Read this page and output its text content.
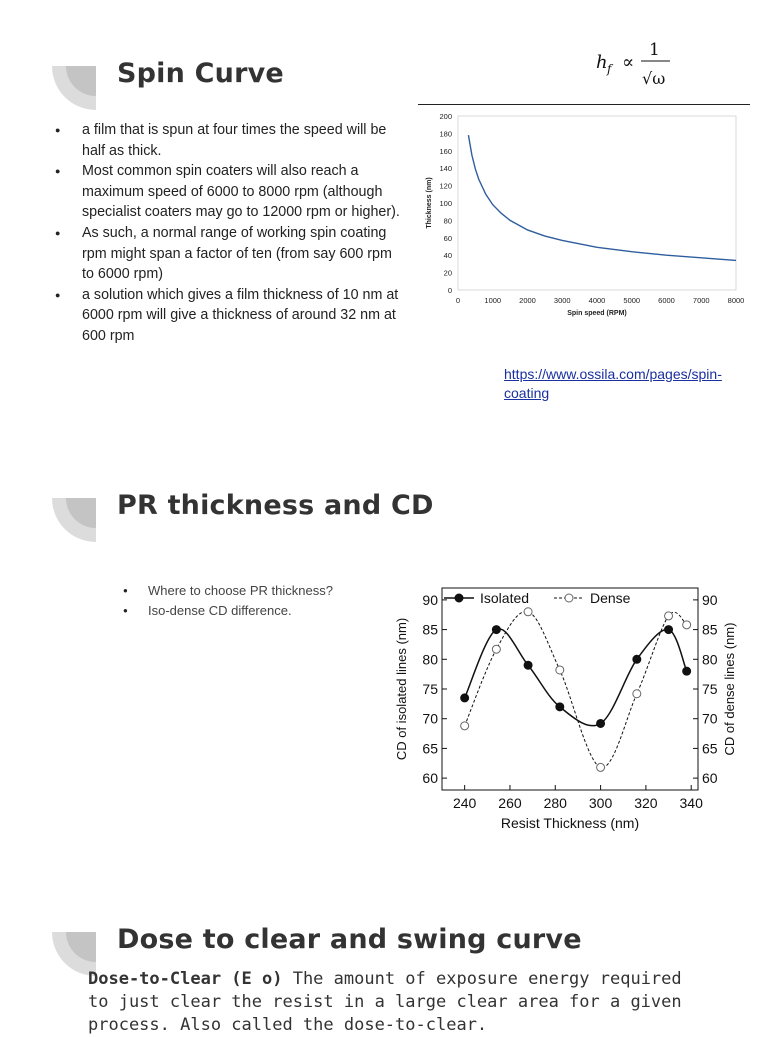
Spin Curve
● a film that is spun at four times the speed will be half as thick.
● Most common spin coaters will also reach a maximum speed of 6000 to 8000 rpm (although specialist coaters may go to 12000 rpm or higher).
● As such, a normal range of working spin coating rpm might span a factor of ten (from say 600 rpm to 6000 rpm)
● a solution which gives a film thickness of 10 nm at 6000 rpm will give a thickness of around 32 nm at 600 rpm
h f ∝
1
√ω
0
20
40
60
80
100
120
140
160
180
200
0	1000 2000 3000 4000 5000 6000 7000 8000
Spin speed (RPM)
Thickness (nm)
https://www.ossila.com/pages/spin-coating
PR thickness and CD
● Where to choose PR thickness?
● Iso-dense CD difference.
60	60
65	65
70	70
75	75
80	80
85	85
90	90
240 260 280 300 320 340
Resist Thickness (nm)
CD of isolated lines (nm)	CD of dense lines (nm)
Isolated	Dense
Dose to clear and swing curve

Dose-to-Clear (E o) The amount of exposure energy required to just clear the resist in a large clear area for a given process. Also called the dose-to-clear.
